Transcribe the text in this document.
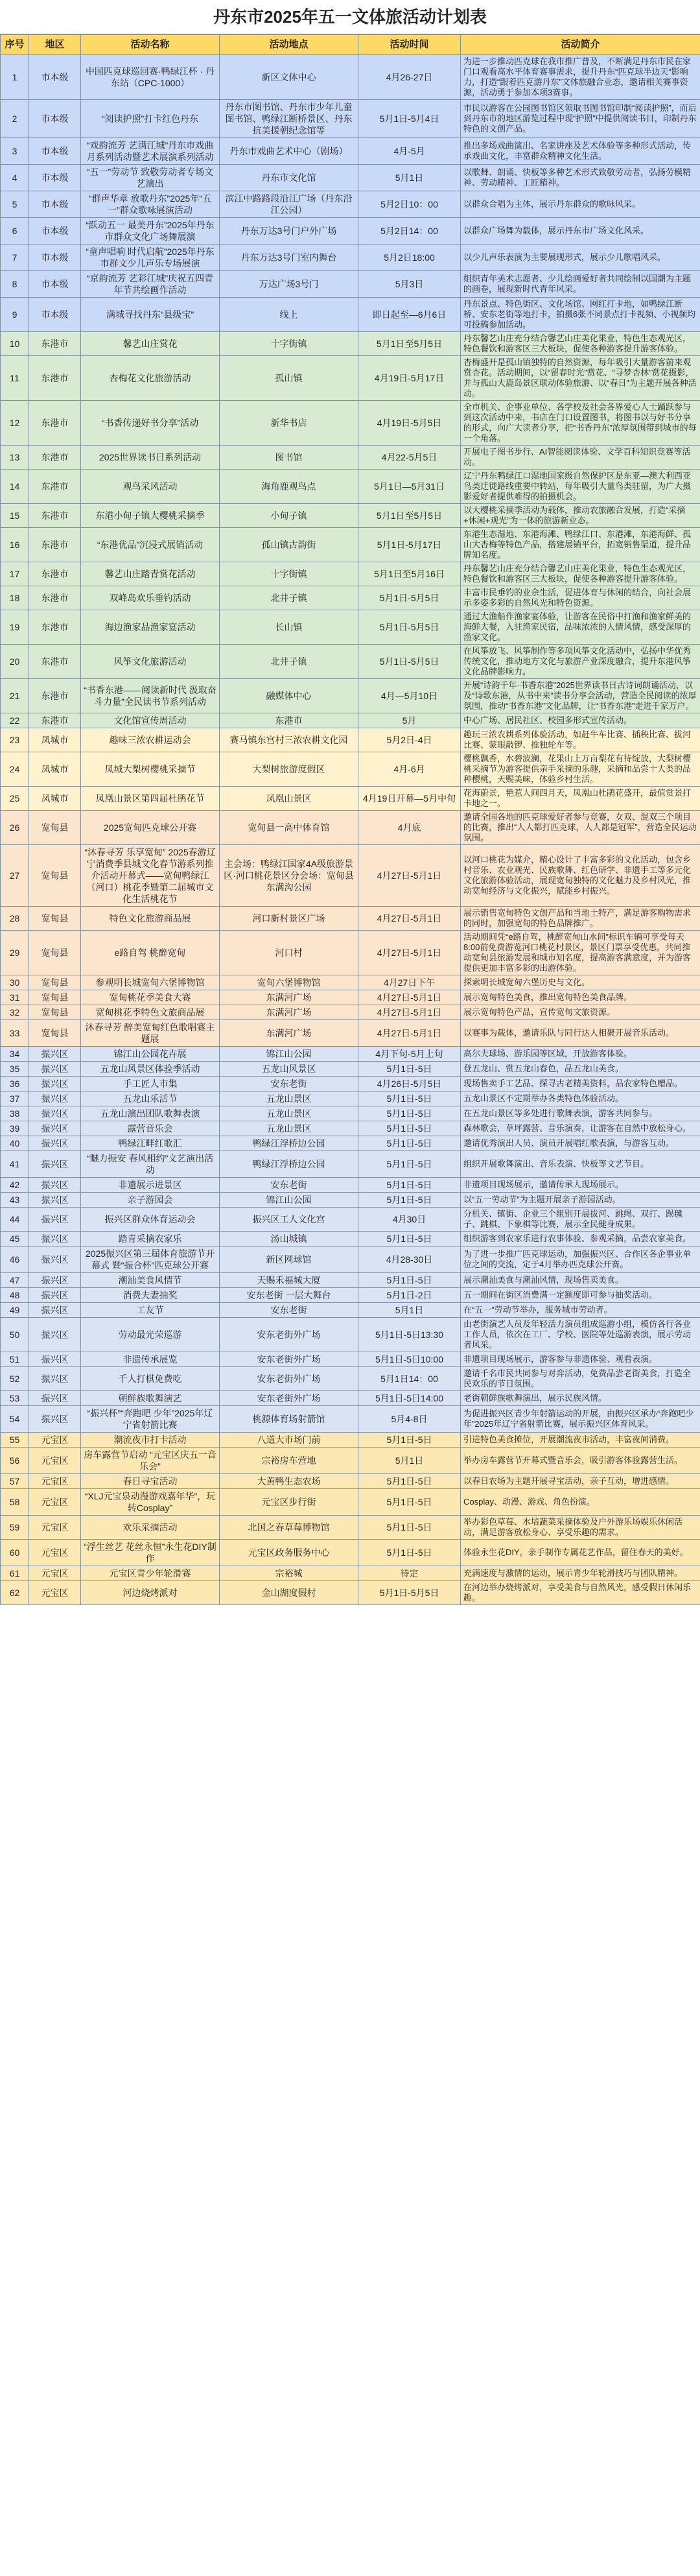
丹东市2025年五一文体旅活动计划表
序号	地区	活动名称	活动地点	活动时间	活动简介
1	市本级	中国匹克球巡回赛·鸭绿江杯 · 丹东站（CPC-1000）	新区文体中心	4月26-27日	为进一步推动匹克球在我市推广普及，不断满足丹东市民在家门口观看高水平体育赛事需求，提升丹东“匹克球半边天”影响力，打造“跟着匹克游丹东”文体旅融合业态，邀请相关赛事资源，活动勇于参加本项3赛事。
2	市本级	“阅读护照”打卡红色丹东	丹东市图书馆、丹东市少年儿童图书馆、鸭绿江断桥景区、丹东抗美援朝纪念馆等	5月1日-5月4日	市民以游客在公园图书馆区领取书图书馆印制“阅读护照”，而后到丹东市的地区游览过程中现“护照”中提供阅读书目，印制丹东特色的文创产品。
3	市本级	“戏韵流芳 艺满江城”丹东市戏曲月系列活动暨艺术展演系列活动	丹东市戏曲艺术中心（剧场）	4月-5月	推出多场戏曲演出、名家讲座及艺术体验等多种形式活动，传承戏曲文化，丰富群众精神文化生活。
4	市本级	“五一”劳动节 致敬劳动者专场文艺演出	丹东市文化馆	5月1日	以歌舞、朗诵、快板等多种艺术形式致敬劳动者，弘扬劳模精神、劳动精神、工匠精神。
5	市本级	“群声华章 放歌丹东”2025年“五一”群众歌咏展演活动	滨江中路路段沿江广场（丹东沿江公园）	5月2日10：00	以群众合唱为主体，展示丹东群众的歌咏风采。
6	市本级	“跃动五一 最美丹东”2025年丹东市群众文化广场舞展演	丹东万达3号门户外广场	5月2日14：00	以群众广场舞为载体，展示丹东市广场文化风采。
7	市本级	“童声唱响 时代启航”2025年丹东市群文少儿声乐专场展演	丹东万达3号门室内舞台	5月2日18:00	以少儿声乐表演为主要展现形式，展示少儿歌唱风采。
8	市本级	“京韵流芳 艺彩江城”庆祝五四青年节共绘画作活动	万达广场3号门	5月3日	组织青年美术志愿者、少儿绘画爱好者共同绘制以国潮为主题的画卷，展现新时代青年风采。
9	市本级	满城寻找丹东“县级宝”	线上	即日起至—6月6日	丹东景点、特色街区、文化场馆、网红打卡地，如鸭绿江断桥、安东老街等地打卡，拍摄6张不同景点打卡视频、小视频均可投稿参加活动。
10	东港市	馨艺山庄赏花	十字街镇	5月1日至5月5日	丹东馨艺山庄充分结合馨艺山庄美化果业，特色生态观光区，特色餐饮和游客区三大板块，促使各种游客提升游客体验。
11	东港市	杏梅花文化旅游活动	孤山镇	4月19日-5月17日	杏梅盛开是孤山镇独特的自然资源，每年吸引大量游客前来观赏杏花。活动期间，以“留春时光”赏花、“寻梦杏林”赏花摄影，并与孤山大鹿岛景区联动体验旅游、以“春日”为主题开展各种活动。
12	东港市	“书香传递好书分享”活动	新华书店	4月19日-5月5日	全市机关、企事业单位、各学校及社会各界爱心人士踊跃参与到这次活动中来，书店在门口设置图书，将图书以与好书分享的形式，向广大读者分享，把“书香丹东”浓厚氛围带到城市的每一个角落。
13	东港市	2025世界读书日系列活动	图书馆	4月22-5月5日	开展电子图书步行、AI智能阅读体验、文学百科知识竞赛等活动。
14	东港市	观鸟采风活动	海角鹿观鸟点	5月1日—5月31日	辽宁丹东鸭绿江口湿地国家级自然保护区是东亚—澳大利西亚鸟类迁徙路线重要中转站，每年吸引大量鸟类驻留，为广大摄影爱好者提供难得的拍摄机会。
15	东港市	东港小甸子镇大樱桃采摘季	小甸子镇	5月1日至5月5日	以大樱桃采摘季活动为载体，推动农旅融合发展，打造“采摘+休闲+观光”为一体的旅游新业态。
16	东港市	“东港优品”沉浸式展销活动	孤山镇古韵街	5月1日-5月17日	东港生态湿地、东港海滩、鸭绿江口、东港滩，东港海鲜、孤山大杏梅等特色产品，搭建展销平台，拓宽销售渠道，提升品牌知名度。
17	东港市	馨艺山庄踏青赏花活动	十字街镇	5月1日至5月16日	丹东馨艺山庄充分结合馨艺山庄美化果业，特色生态观光区，特色餐饮和游客区三大板块，促使各种游客提升游客体验。
18	东港市	双峰岛欢乐垂钓活动	北井子镇	5月1日-5月5日	丰富市民垂钓的业余生活，促进体育与休闲的结合，向社会展示多姿多彩的自然风光和特色资源。
19	东港市	海边渔家品渔家宴活动	长山镇	5月1日-5月5日	通过大渔船作渔家宴体验，让游客在民俗中打渔和渔家鲜美的海鲜大餐，入驻渔家民宿，品味浓浓的人情风情，感受深厚的渔家文化。
20	东港市	风筝文化旅游活动	北井子镇	5月1日-5月5日	在风筝放飞、风筝制作等多项风筝文化活动中，弘扬中华优秀传统文化，推动地方文化与旅游产业深度融合，提升东港风筝文化品牌影响力。
21	东港市	“书香东港——阅读新时代 汲取奋斗力量”全民读书节系列活动	融媒体中心	4月—5月10日	开展“诗韵千年·书香东港”2025世界读书日古诗词朗诵活动，以及“诗歌东港，从书中来”读书分享会活动，营造全民阅读的浓厚氛围，推动“书香东港”文化品牌，让“书香东港”走进千家万户。
22	东港市	文化馆宣传周活动	东港市	5月	中心广场、居民社区、校园多形式宣传活动。
23	凤城市	趣味三浓农耕运动会	赛马镇东宫村三浓农耕文化园	5月2日-4日	趣玩三浓农耕系列体验活动，如赶牛车比赛、插秧比赛、拔河比赛、蒙眼敲锣、推独轮车等。
24	凤城市	凤城大梨树樱桃采摘节	大梨树旅游度假区	4月-6月	樱桃飘香，水碧波澜，花果山上万亩梨花有待绽放，大梨树樱桃采摘节为游客提供亲手采摘的乐趣，采摘和品尝十大类的品种樱桃，天赐美味，体验乡村生活。
25	凤城市	凤凰山景区第四届杜鹃花节	凤凰山景区	4月19日开幕—5月中旬	花海蔚景，艳惹人间四月天，凤凰山杜鹃花盛开，最值赏景打卡地之一。
26	宽甸县	2025宽甸匹克球公开赛	宽甸县一高中体育馆	4月底	邀请全国各地的匹克球爱好者参与竞赛，女双、混双三个项目的比赛，推出“人人都打匹克球，人人都是冠军”，营造全民运动氛围。
27	宽甸县	“沐春寻芳 乐享宽甸” 2025春游辽宁消费季县城文化春节游系列推介活动开幕式——宽甸鸭绿江（河口）桃花季暨第二届城市文化生活桃花节	主会场：鸭绿江国家4A级旅游景区·河口桃花景区分会场：宽甸县东满沟公园	4月27日-5月1日	以河口桃花为媒介，精心设计了丰富多彩的文化活动，包含乡村音乐、农业观光、民族歌舞、红色研学、非遗手工等多元化文化旅游体验活动，展现宽甸独特的文化魅力及乡村风光，推动宽甸经济与文化振兴，赋能乡村振兴。
28	宽甸县	特色文化旅游商品展	河口新村景区广场	4月27日-5月1日	展示销售宽甸特色文创产品和当地土特产，满足游客购物需求的同时，加强宽甸的特色品牌推广。
29	宽甸县	e路自驾 桃醉宽甸	河口村	4月27日-5月1日	活动期间凭“e路自驾，桃醉宽甸山水间”标识车辆可享受每天8:00前免费游览河口桃花村景区，景区门票享受优惠，共同推动宽甸县旅游发展和城市知名度，提高游客满意度，并为游客提供更加丰富多彩的出游体验。
30	宽甸县	参观明长城宽甸六堡博物馆	宽甸六堡博物馆	4月27日下午	探索明长城宽甸六堡历史与文化。
31	宽甸县	宽甸桃花季美食大赛	东满河广场	4月27日-5月1日	展示宽甸特色美食，推出宽甸特色美食品牌。
32	宽甸县	宽甸桃花季特色文旅商品展	东满河广场	4月27日-5月1日	展示宽甸特色产品，宣传宽甸文旅资源。
33	宽甸县	沐春寻芳 醉美宽甸红色歌唱赛主题展	东满河广场	4月27日-5月1日	以赛事为载体，邀请乐队与同行达人相聚开展音乐活动。
34	振兴区	锦江山公园花卉展	锦江山公园	4月下旬-5月上旬	高尔夫球场、游乐园等区域，开放游客体验。
35	振兴区	五龙山风景区体验季活动	五龙山风景区	5月1日-5日	登五龙山、赏五龙山春色，品五龙山美食。
36	振兴区	手工匠人市集	安东老街	4月26日-5月5日	现场售卖手工艺品、探寻古老精美资料，品农家特色赠品。
37	振兴区	五龙山乐活节	五龙山景区	5月1日-5日	五龙山景区不定期举办各类特色体验活动。
38	振兴区	五龙山演出团队歌舞表演	五龙山景区	5月1日-5日	在五龙山景区等多处进行歌舞表演，游客共同参与。
39	振兴区	露营音乐会	五龙山景区	5月1日-5日	森林歌会，草坪露营、音乐演奏，让游客在自然中放松身心。
40	振兴区	鸭绿江畔红歌汇	鸭绿江浮桥边公园	5月1日-5日	邀请优秀演出人员、演员开展唱红歌表演，与游客互动。
41	振兴区	“魅力振安 春风相约”文艺演出活动	鸭绿江浮桥边公园	5月1日-5日	组织开展歌舞演出、音乐表演、快板等文艺节目。
42	振兴区	非遗展示进景区	安东老街	5月1日-5日	非遗项目现场展示，邀请传承人现场展示。
43	振兴区	亲子游园会	锦江山公园	5月1日-5日	以“五一劳动节”为主题开展亲子游园活动。
44	振兴区	振兴区群众体育运动会	振兴区工人文化宫	4月30日	分机关、镇街、企业三个组别开展拔河、跳绳、双打、踢毽子、跳棋、下象棋等比赛，展示全民健身成果。
45	振兴区	踏青采摘农家乐	汤山城镇	5月1日-5日	组织游客到农家乐进行农事体验、参观采摘，品尝农家美食。
46	振兴区	2025振兴区第三届体育旅游节开幕式 暨“振合杯”匹克球公开赛	新区网球馆	4月28-30日	为了进一步推广匹克球运动，加强振兴区、合作区各企事业单位之间的交流，定于4月举办匹克球公开赛。
47	振兴区	潮汕美食风情节	天赐禾福城大厦	5月1日-5日	展示潮汕美食与潮汕风情，现场售卖美食。
48	振兴区	消费夫妻抽奖	安东老街 一层大舞台	5月1日-2日	五一期间在街区消费满一定额度即可参与抽奖活动。
49	振兴区	工友节	安东老街	5月1日	在“五一”劳动节举办，服务城市劳动者。
50	振兴区	劳动最光荣巡游	安东老街外广场	5月1日-5日13:30	由老街演艺人员及年轻活力演员组成巡游小组，模仿各行各业工作人员，依次在工厂、学校、医院等处巡游表演，展示劳动者风采。
51	振兴区	非遗传承展览	安东老街外广场	5月1日-5日10:00	非遗项目现场展示，游客参与非遗体验、观看表演。
52	振兴区	千人打棋免费吃	安东老街外广场	5月1日14：00	邀请千名市民共同参与对弈活动，免费品尝老街美食，打造全民欢乐的节日氛围。
53	振兴区	朝鲜族歌舞演艺	安东老街外广场	5月1日-5日14:00	老街朝鲜族歌舞演出，展示民族风情。
54	振兴区	“振兴杯”“奔跑吧 少年”2025年辽宁省射箭比赛	桃源体育场射箭馆	5月4-8日	为促进振兴区青少年射箭运动的开展，由振兴区承办“奔跑吧少年”2025年辽宁省射箭比赛，展示振兴区体育风采。
55	元宝区	潮流夜市打卡活动	八道大市场门前	5月1日-5日	引进特色美食摊位，开展潮流夜市活动，丰富夜间消费。
56	元宝区	房车露营节启动 “元宝区庆五一音乐会”	宗裕房车营地	5月1日	举办房车露营节开幕式暨音乐会，吸引游客体验露营生活。
57	元宝区	春日寻宝活动	大黄鸭生态农场	5月1日-5日	以春日农场为主题开展寻宝活动，亲子互动，增进感情。
58	元宝区	“XLJ元宝泉动漫游戏嘉年华”，玩转Cosplay”	元宝区步行街	5月1日-5日	Cosplay、动漫、游戏、角色扮演。
59	元宝区	欢乐采摘活动	北国之春草莓博物馆	5月1日-5日	举办彩色草莓、水培蔬菜采摘体验及户外游乐场娱乐休闲活动，满足游客放松身心、享受乐趣的需求。
60	元宝区	“浮生丝艺 花丝永恒”永生花DIY制作	元宝区政务服务中心	5月1日-5日	体验永生花DIY，亲手制作专属花艺作品，留住春天的美好。
61	元宝区	元宝区青少年轮滑赛	宗裕城	待定	充满速度与激情的运动，展示青少年轮滑技巧与团队精神。
62	元宝区	河边烧烤派对	金山湖度假村	5月1日-5月5日	在河边举办烧烤派对，享受美食与自然风光，感受假日休闲乐趣。
